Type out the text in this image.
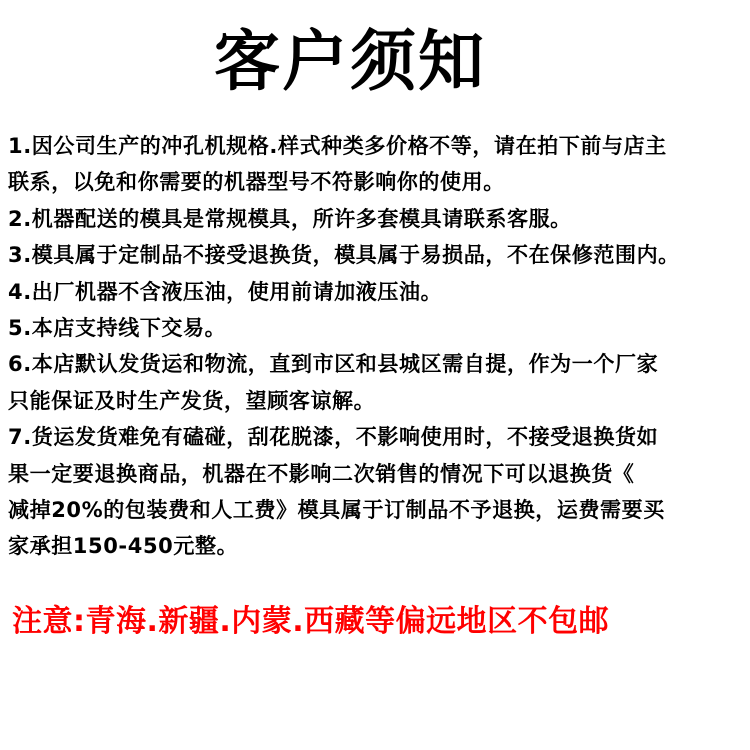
客户须知
1.因公司生产的冲孔机规格.样式种类多价格不等，请在拍下前与店主
联系，以免和你需要的机器型号不符影响你的使用。
2.机器配送的模具是常规模具，所许多套模具请联系客服。
3.模具属于定制品不接受退换货，模具属于易损品，不在保修范围内。
4.出厂机器不含液压油，使用前请加液压油。
5.本店支持线下交易。
6.本店默认发货运和物流，直到市区和县城区需自提，作为一个厂家
只能保证及时生产发货，望顾客谅解。
7.货运发货难免有磕碰，刮花脱漆，不影响使用时，不接受退换货如
果一定要退换商品，机器在不影响二次销售的情况下可以退换货《
减掉20%的包装费和人工费》模具属于订制品不予退换，运费需要买
家承担150-450元整。
注意:青海.新疆.内蒙.西藏等偏远地区不包邮
